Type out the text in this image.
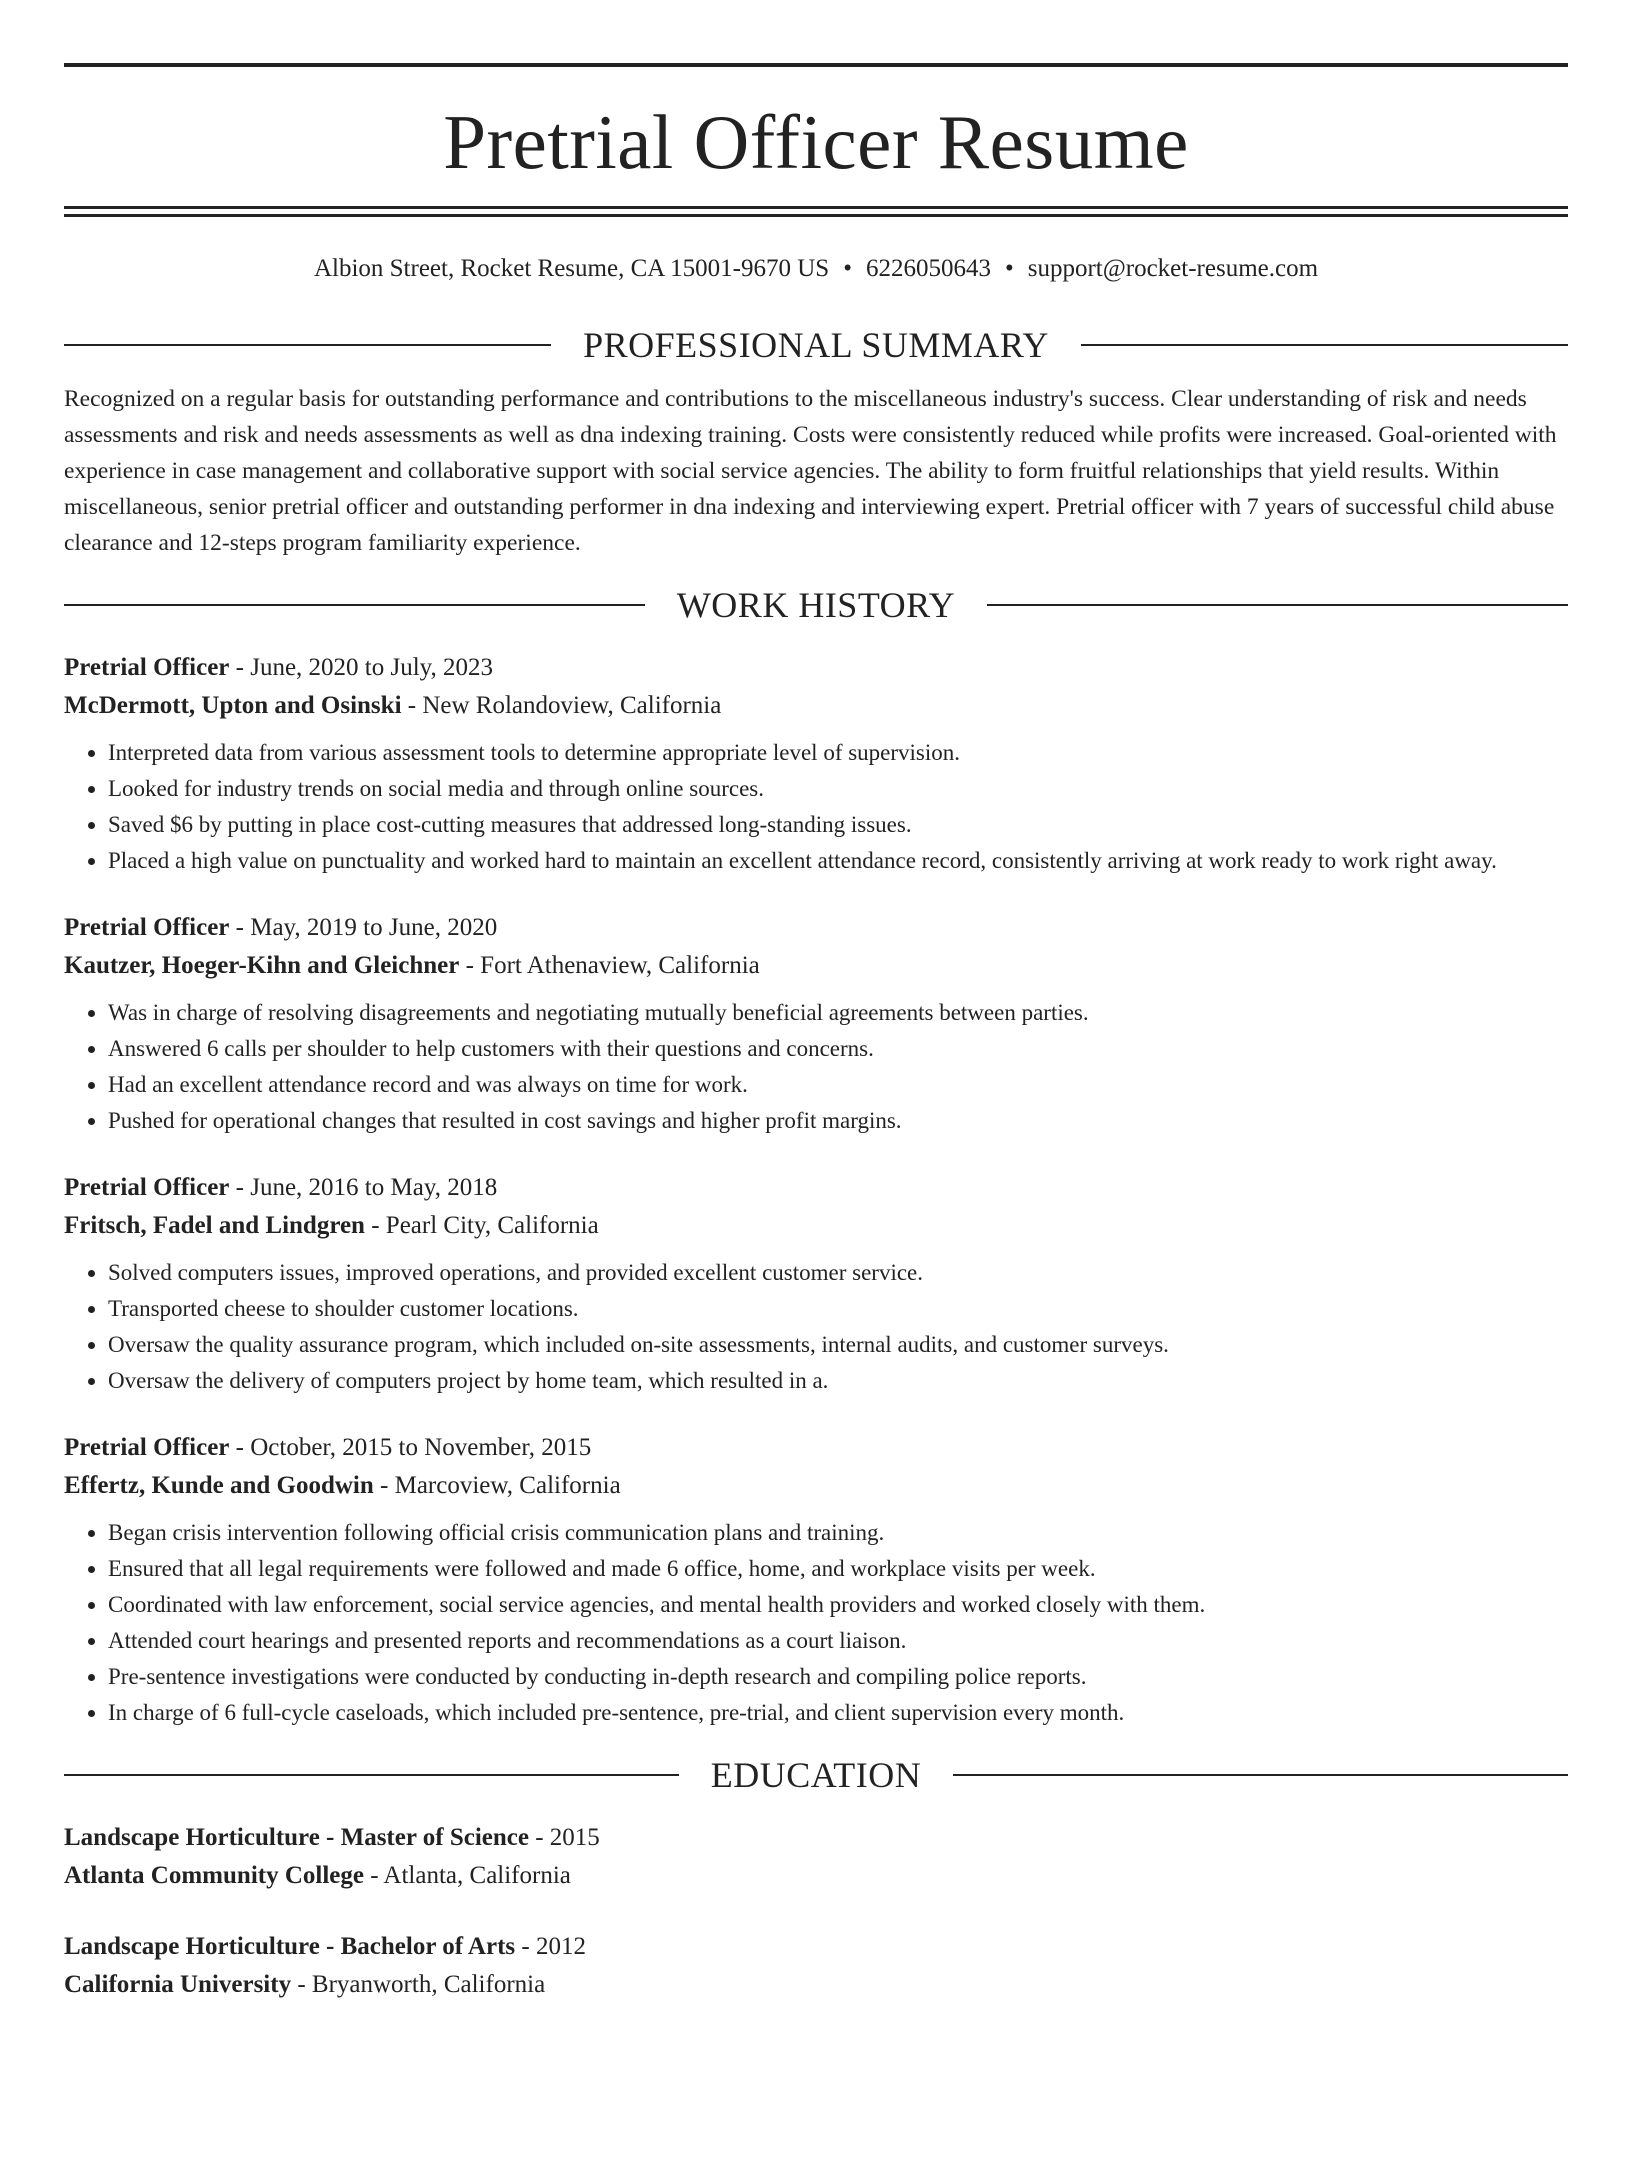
Pretrial Officer Resume
Albion Street, Rocket Resume, CA 15001-9670 US • 6226050643 • support@rocket-resume.com
PROFESSIONAL SUMMARY
Recognized on a regular basis for outstanding performance and contributions to the miscellaneous industry's success. Clear understanding of risk and needs assessments and risk and needs assessments as well as dna indexing training. Costs were consistently reduced while profits were increased. Goal-oriented with experience in case management and collaborative support with social service agencies. The ability to form fruitful relationships that yield results. Within miscellaneous, senior pretrial officer and outstanding performer in dna indexing and interviewing expert. Pretrial officer with 7 years of successful child abuse clearance and 12-steps program familiarity experience.
WORK HISTORY
Pretrial Officer - June, 2020 to July, 2023
McDermott, Upton and Osinski - New Rolandoview, California
• Interpreted data from various assessment tools to determine appropriate level of supervision.
• Looked for industry trends on social media and through online sources.
• Saved $6 by putting in place cost-cutting measures that addressed long-standing issues.
• Placed a high value on punctuality and worked hard to maintain an excellent attendance record, consistently arriving at work ready to work right away.
Pretrial Officer - May, 2019 to June, 2020
Kautzer, Hoeger-Kihn and Gleichner - Fort Athenaview, California
• Was in charge of resolving disagreements and negotiating mutually beneficial agreements between parties.
• Answered 6 calls per shoulder to help customers with their questions and concerns.
• Had an excellent attendance record and was always on time for work.
• Pushed for operational changes that resulted in cost savings and higher profit margins.
Pretrial Officer - June, 2016 to May, 2018
Fritsch, Fadel and Lindgren - Pearl City, California
• Solved computers issues, improved operations, and provided excellent customer service.
• Transported cheese to shoulder customer locations.
• Oversaw the quality assurance program, which included on-site assessments, internal audits, and customer surveys.
• Oversaw the delivery of computers project by home team, which resulted in a.
Pretrial Officer - October, 2015 to November, 2015
Effertz, Kunde and Goodwin - Marcoview, California
• Began crisis intervention following official crisis communication plans and training.
• Ensured that all legal requirements were followed and made 6 office, home, and workplace visits per week.
• Coordinated with law enforcement, social service agencies, and mental health providers and worked closely with them.
• Attended court hearings and presented reports and recommendations as a court liaison.
• Pre-sentence investigations were conducted by conducting in-depth research and compiling police reports.
• In charge of 6 full-cycle caseloads, which included pre-sentence, pre-trial, and client supervision every month.
EDUCATION
Landscape Horticulture - Master of Science - 2015
Atlanta Community College - Atlanta, California
Landscape Horticulture - Bachelor of Arts - 2012
California University - Bryanworth, California
